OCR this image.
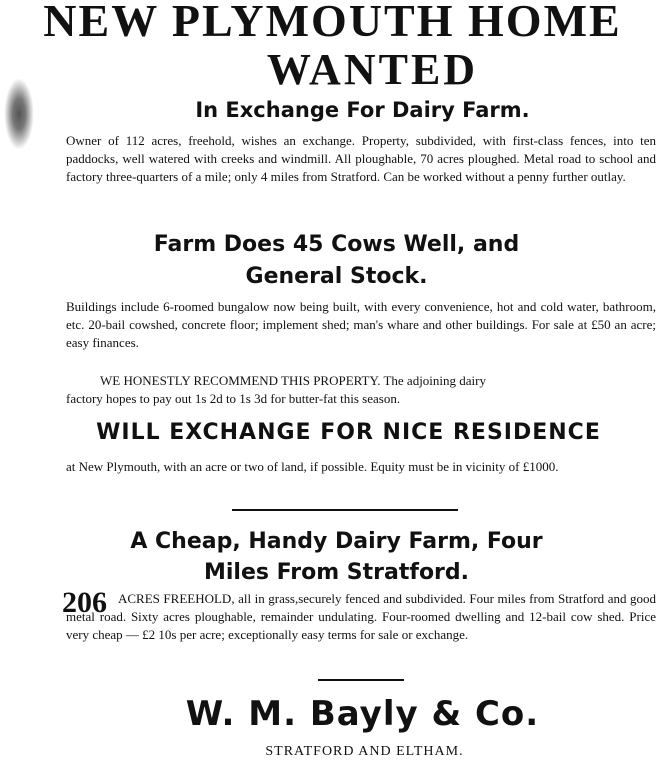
NEW PLYMOUTH HOME
WANTED
In Exchange For Dairy Farm.
Owner of 112 acres, freehold, wishes an exchange. Property, subdivided, with first-class fences, into ten paddocks, well watered with creeks and windmill. All ploughable, 70 acres ploughed. Metal road to school and factory three-quarters of a mile; only 4 miles from Stratford. Can be worked without a penny further outlay.
Farm Does 45 Cows Well, and
General Stock.
Buildings include 6-roomed bungalow now being built, with every convenience, hot and cold water, bathroom, etc. 20-bail cowshed, concrete floor; implement shed; man's whare and other buildings. For sale at £50 an acre; easy finances.
WE HONESTLY RECOMMEND THIS PROPERTY. The adjoining dairy
factory hopes to pay out 1s 2d to 1s 3d for butter-fat this season.
WILL EXCHANGE FOR NICE RESIDENCE
at New Plymouth, with an acre or two of land, if possible. Equity must be in vicinity of £1000.
A Cheap, Handy Dairy Farm, Four
Miles From Stratford.
206 ACRES FREEHOLD, all in grass,securely fenced and subdivided. Four miles from Stratford and good metal road. Sixty acres ploughable, remainder undulating. Four-roomed dwelling and 12-bail cow shed. Price very cheap — £2 10s per acre; exceptionally easy terms for sale or exchange.
W. M. Bayly & Co.
STRATFORD AND ELTHAM.
